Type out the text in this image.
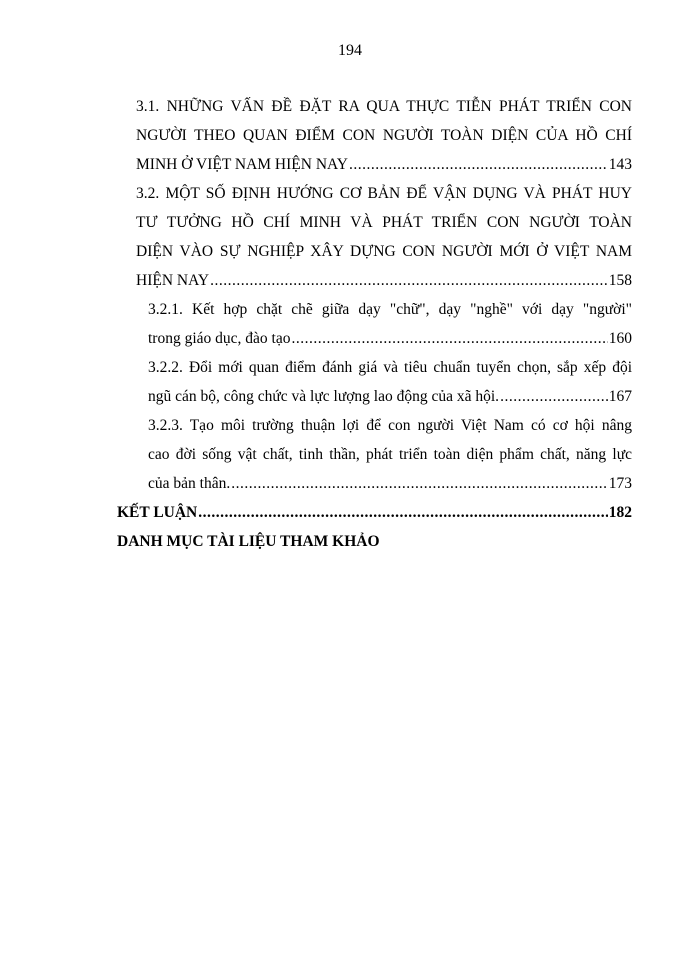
194
3.1. NHỮNG VẤN ĐỀ ĐẶT RA QUA THỰC TIỄN PHÁT TRIỂN CON
NGƯỜI THEO QUAN ĐIỂM CON NGƯỜI TOÀN DIỆN CỦA HỒ CHÍ
MINH Ở VIỆT NAM HIỆN NAY .....	143
3.2. MỘT SỐ ĐỊNH HƯỚNG CƠ BẢN ĐỂ VẬN DỤNG VÀ PHÁT HUY
TƯ TƯỞNG HỒ CHÍ MINH VÀ PHÁT TRIỂN CON NGƯỜI TOÀN
DIỆN VÀO SỰ NGHIỆP XÂY DỰNG CON NGƯỜI MỚI Ở VIỆT NAM
HIỆN NAY .....	158
3.2.1. Kết hợp chặt chẽ giữa dạy "chữ", dạy "nghề" với dạy "người"
trong giáo dục, đào tạo .....	160
3.2.2. Đổi mới quan điểm đánh giá và tiêu chuẩn tuyển chọn, sắp xếp đội
ngũ cán bộ, công chức và lực lượng lao động của xã hội. .....	167
3.2.3. Tạo môi trường thuận lợi để con người Việt Nam có cơ hội nâng
cao đời sống vật chất, tinh thần, phát triển toàn diện phẩm chất, năng lực
của bản thân. .....	173
KẾT LUẬN .....	182
DANH MỤC TÀI LIỆU THAM KHẢO
